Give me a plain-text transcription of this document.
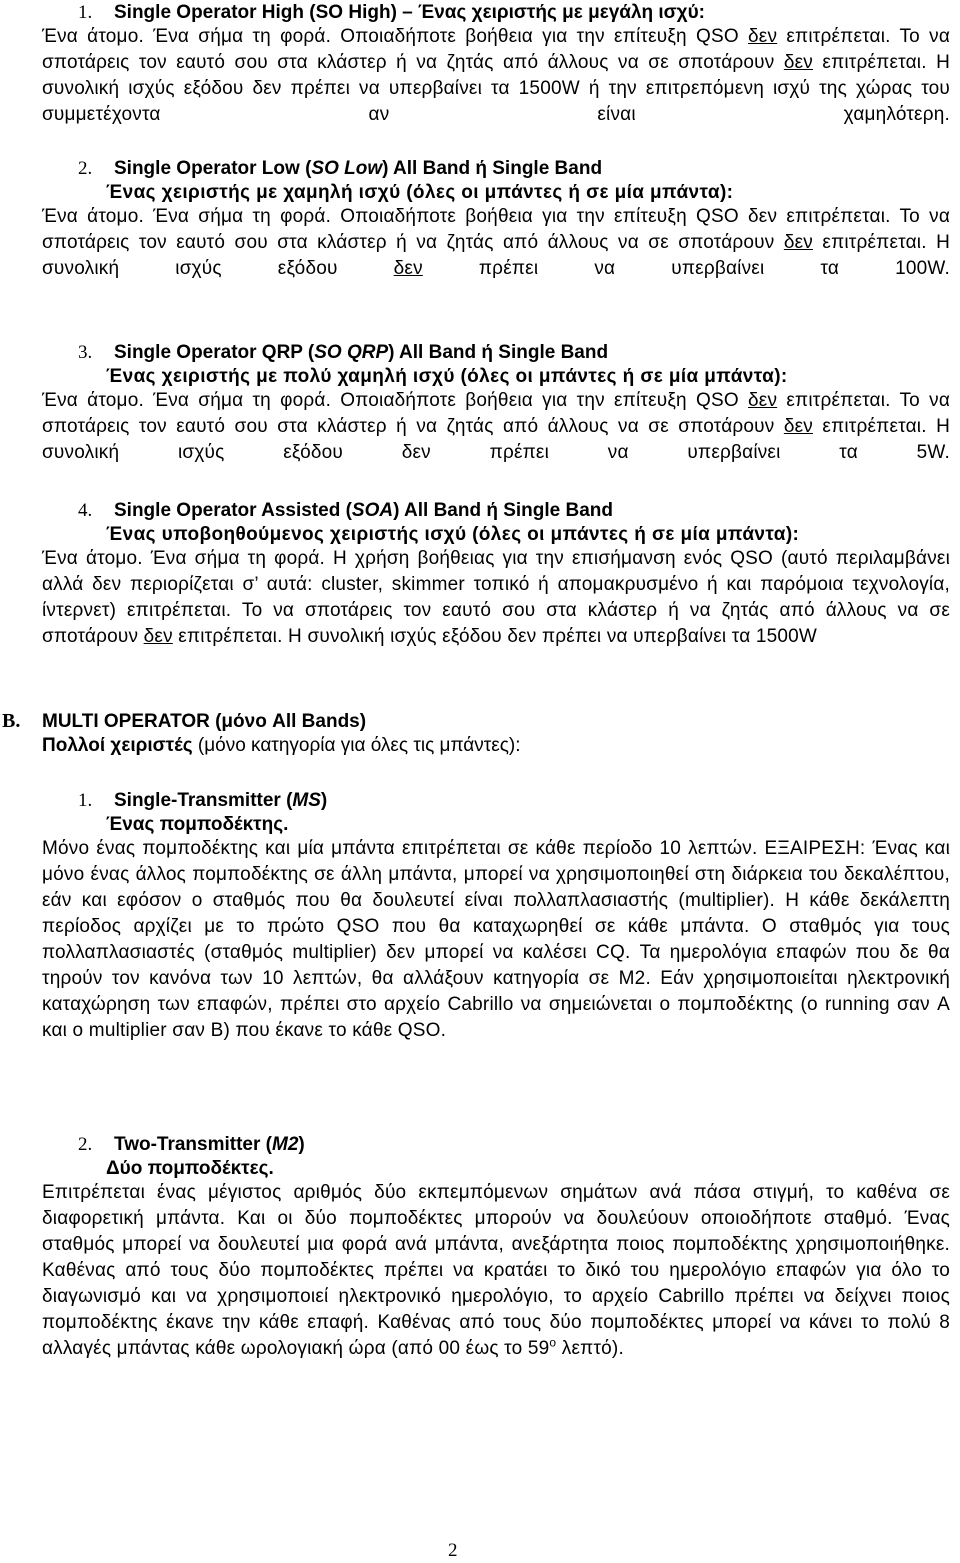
1.	Single Operator High (SO High) – Ένας χειριστής με μεγάλη ισχύ:
Ένα άτομο. Ένα σήμα τη φορά. Οποιαδήποτε βοήθεια για την επίτευξη QSO δεν επιτρέπεται. Το να σποτάρεις τον εαυτό σου στα κλάστερ ή να ζητάς από άλλους να σε σποτάρουν δεν επιτρέπεται. Η συνολική ισχύς εξόδου δεν πρέπει να υπερβαίνει τα 1500W ή την επιτρεπόμενη ισχύ της χώρας του συμμετέχοντα αν είναι χαμηλότερη.
2.	Single Operator Low (SO Low) All Band ή Single Band
Ένας χειριστής με χαμηλή ισχύ (όλες οι μπάντες ή σε μία μπάντα):
Ένα άτομο. Ένα σήμα τη φορά. Οποιαδήποτε βοήθεια για την επίτευξη QSO δεν επιτρέπεται. Το να σποτάρεις τον εαυτό σου στα κλάστερ ή να ζητάς από άλλους να σε σποτάρουν δεν επιτρέπεται. Η συνολική ισχύς εξόδου δεν πρέπει να υπερβαίνει τα 100W.
3.	Single Operator QRP (SO QRP) All Band ή Single Band
Ένας χειριστής με πολύ χαμηλή ισχύ (όλες οι μπάντες ή σε μία μπάντα):
Ένα άτομο. Ένα σήμα τη φορά. Οποιαδήποτε βοήθεια για την επίτευξη QSO δεν επιτρέπεται. Το να σποτάρεις τον εαυτό σου στα κλάστερ ή να ζητάς από άλλους να σε σποτάρουν δεν επιτρέπεται. Η συνολική ισχύς εξόδου δεν πρέπει να υπερβαίνει τα 5W.
4.	Single Operator Assisted (SOA) All Band ή Single Band
Ένας υποβοηθούμενος χειριστής ισχύ (όλες οι μπάντες ή σε μία μπάντα):
Ένα άτομο. Ένα σήμα τη φορά. Η χρήση βοήθειας για την επισήμανση ενός QSO (αυτό περιλαμβάνει αλλά δεν περιορίζεται σ’ αυτά: cluster, skimmer τοπικό ή απομακρυσμένο ή και παρόμοια τεχνολογία, ίντερνετ) επιτρέπεται. Το να σποτάρεις τον εαυτό σου στα κλάστερ ή να ζητάς από άλλους να σε σποτάρουν δεν επιτρέπεται. Η συνολική ισχύς εξόδου δεν πρέπει να υπερβαίνει τα 1500W
B.	MULTI OPERATOR (μόνο All Bands)
Πολλοί χειριστές (μόνο κατηγορία για όλες τις μπάντες):
1.	Single-Transmitter (MS)
Ένας πομποδέκτης.
Μόνο ένας πομποδέκτης και μία μπάντα επιτρέπεται σε κάθε περίοδο 10 λεπτών. ΕΞΑΙΡΕΣΗ: Ένας και μόνο ένας άλλος πομποδέκτης σε άλλη μπάντα, μπορεί να χρησιμοποιηθεί στη διάρκεια του δεκαλέπτου, εάν και εφόσον ο σταθμός που θα δουλευτεί είναι πολλαπλασιαστής (multiplier). Η κάθε δεκάλεπτη περίοδος αρχίζει με το πρώτο QSO που θα καταχωρηθεί σε κάθε μπάντα. Ο σταθμός για τους πολλαπλασιαστές (σταθμός multiplier) δεν μπορεί να καλέσει CQ. Τα ημερολόγια επαφών που δε θα τηρούν τον κανόνα των 10 λεπτών, θα αλλάξουν κατηγορία σε M2. Εάν χρησιμοποιείται ηλεκτρονική καταχώρηση των επαφών, πρέπει στο αρχείο Cabrillo να σημειώνεται ο πομποδέκτης (ο running σαν A και ο multiplier σαν B) που έκανε το κάθε QSO.
2.	Two-Transmitter (M2)
Δύο πομποδέκτες.
Επιτρέπεται ένας μέγιστος αριθμός δύο εκπεμπόμενων σημάτων ανά πάσα στιγμή, το καθένα σε διαφορετική μπάντα. Και οι δύο πομποδέκτες μπορούν να δουλεύουν οποιοδήποτε σταθμό. Ένας σταθμός μπορεί να δουλευτεί μια φορά ανά μπάντα, ανεξάρτητα ποιος πομποδέκτης χρησιμοποιήθηκε. Καθένας από τους δύο πομποδέκτες πρέπει να κρατάει το δικό του ημερολόγιο επαφών για όλο το διαγωνισμό και να χρησιμοποιεί ηλεκτρονικό ημερολόγιο, το αρχείο Cabrillo πρέπει να δείχνει ποιος πομποδέκτης έκανε την κάθε επαφή. Καθένας από τους δύο πομποδέκτες μπορεί να κάνει το πολύ 8 αλλαγές μπάντας κάθε ωρολογιακή ώρα (από 00 έως το $59^o$ λεπτό).
2
